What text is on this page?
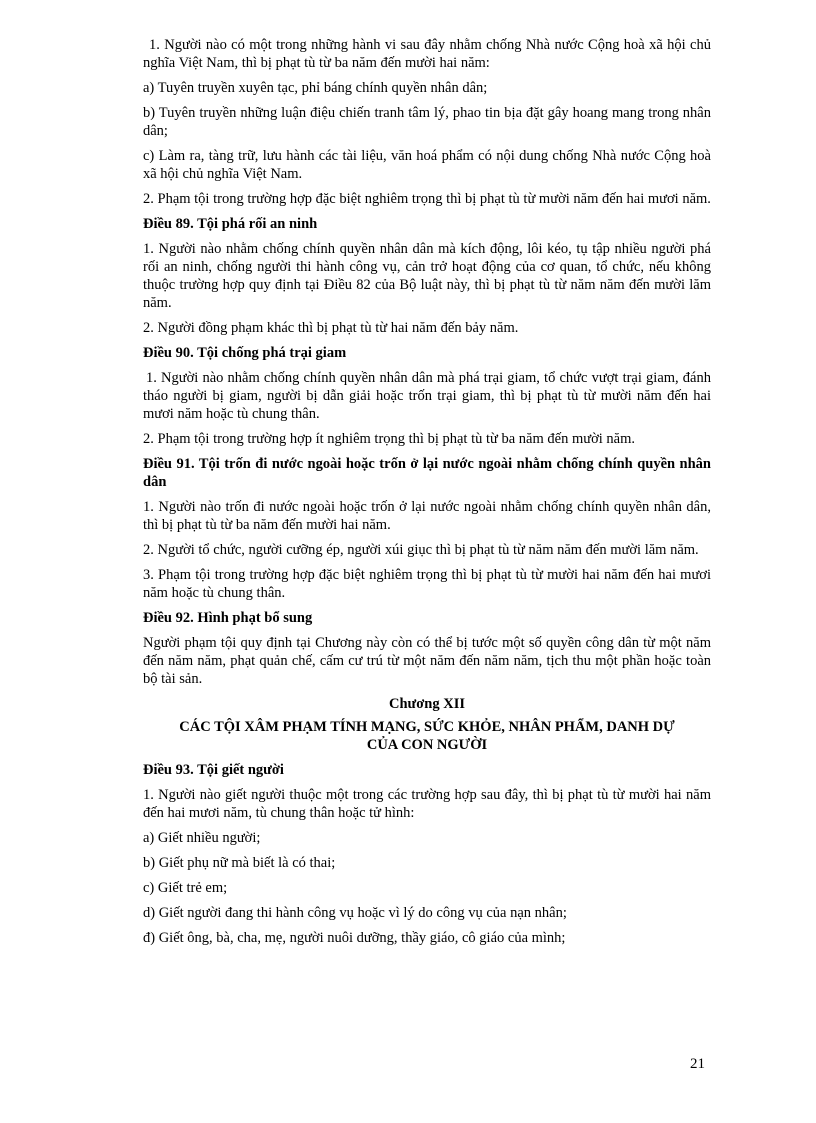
1. Người nào có một trong những hành vi sau đây nhằm chống Nhà nước Cộng hoà xã hội chủ nghĩa Việt Nam, thì bị phạt tù từ ba năm đến mười hai năm:

a) Tuyên truyền xuyên tạc, phỉ báng chính quyền nhân dân;

b) Tuyên truyền những luận điệu chiến tranh tâm lý, phao tin bịa đặt gây hoang mang trong nhân dân;

c) Làm ra, tàng trữ, lưu hành các tài liệu, văn hoá phẩm có nội dung chống Nhà nước Cộng hoà xã hội chủ nghĩa Việt Nam.

2. Phạm tội trong trường hợp đặc biệt nghiêm trọng thì bị phạt tù từ mười năm đến hai mươi năm.

Điều 89. Tội phá rối an ninh

1. Người nào nhằm chống chính quyền nhân dân mà kích động, lôi kéo, tụ tập nhiều người phá rối an ninh, chống người thi hành công vụ, cản trở hoạt động của cơ quan, tổ chức, nếu không thuộc trường hợp quy định tại Điều 82 của Bộ luật này, thì bị phạt tù từ năm năm đến mười lăm năm.

2. Người đồng phạm khác thì bị phạt tù từ hai năm đến bảy năm.

Điều 90. Tội chống phá trại giam

1. Người nào nhằm chống chính quyền nhân dân mà phá trại giam, tổ chức vượt trại giam, đánh tháo người bị giam, người bị dẫn giải hoặc trốn trại giam, thì bị phạt tù từ mười năm đến hai mươi năm hoặc tù chung thân.

2. Phạm tội trong trường hợp ít nghiêm trọng thì bị phạt tù từ ba năm đến mười năm.

Điều 91. Tội trốn đi nước ngoài hoặc trốn ở lại nước ngoài nhằm chống chính quyền nhân dân

1. Người nào trốn đi nước ngoài hoặc trốn ở lại nước ngoài nhằm chống chính quyền nhân dân, thì bị phạt tù từ ba năm đến mười hai năm.

2. Người tổ chức, người cưỡng ép, người xúi giục thì bị phạt tù từ năm năm đến mười lăm năm.

3. Phạm tội trong trường hợp đặc biệt nghiêm trọng thì bị phạt tù từ mười hai năm đến hai mươi năm hoặc tù chung thân.

Điều 92. Hình phạt bổ sung

Người phạm tội quy định tại Chương này còn có thể bị tước một số quyền công dân từ một năm đến năm năm, phạt quản chế, cấm cư trú từ một năm đến năm năm, tịch thu một phần hoặc toàn bộ tài sản.

Chương XII
CÁC TỘI XÂM PHẠM TÍNH MẠNG, SỨC KHỎE, NHÂN PHẨM, DANH DỰ CỦA CON NGƯỜI
Điều 93. Tội giết người

1. Người nào giết người thuộc một trong các trường hợp sau đây, thì bị phạt tù từ mười hai năm đến hai mươi năm, tù chung thân hoặc tử hình:

a) Giết nhiều người;

b) Giết phụ nữ mà biết là có thai;

c) Giết trẻ em;

d) Giết người đang thi hành công vụ hoặc vì lý do công vụ của nạn nhân;

đ) Giết ông, bà, cha, mẹ, người nuôi dưỡng, thầy giáo, cô giáo của mình;

21
